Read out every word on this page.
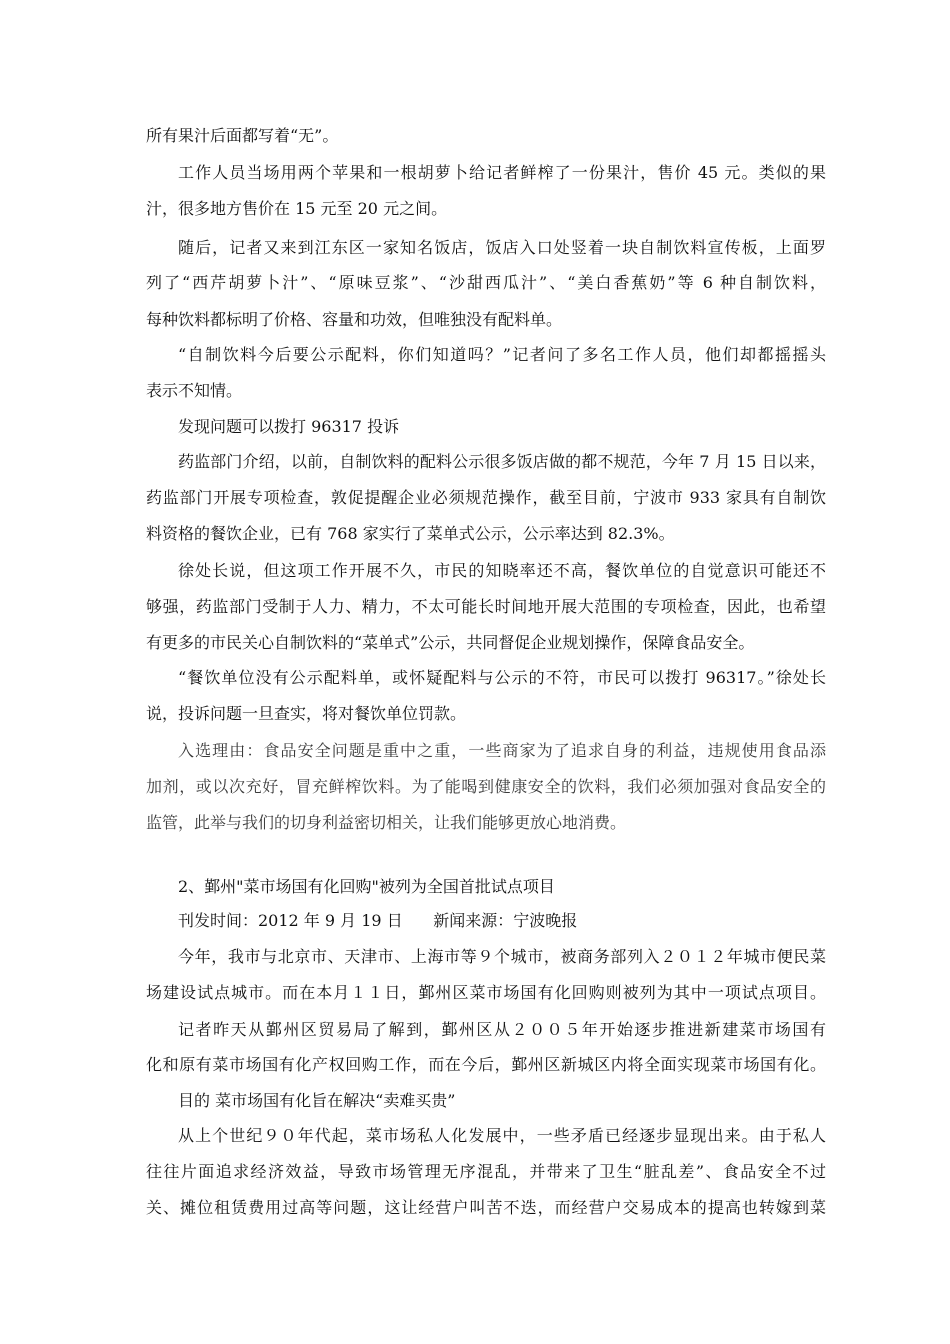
所有果汁后面都写着“无”。
工作人员当场用两个苹果和一根胡萝卜给记者鲜榨了一份果汁，售价 45 元。类似的果
汁，很多地方售价在 15 元至 20 元之间。
随后，记者又来到江东区一家知名饭店，饭店入口处竖着一块自制饮料宣传板，上面罗
列了“西芹胡萝卜汁”、“原味豆浆”、“沙甜西瓜汁”、“美白香蕉奶”等 6 种自制饮料，
每种饮料都标明了价格、容量和功效，但唯独没有配料单。
“自制饮料今后要公示配料，你们知道吗？”记者问了多名工作人员，他们却都摇摇头
表示不知情。
发现问题可以拨打 96317 投诉
药监部门介绍，以前，自制饮料的配料公示很多饭店做的都不规范，今年 7 月 15 日以来，
药监部门开展专项检查，敦促提醒企业必须规范操作，截至目前，宁波市 933 家具有自制饮
料资格的餐饮企业，已有 768 家实行了菜单式公示，公示率达到 82.3%。
徐处长说，但这项工作开展不久，市民的知晓率还不高，餐饮单位的自觉意识可能还不
够强，药监部门受制于人力、精力，不太可能长时间地开展大范围的专项检查，因此，也希望
有更多的市民关心自制饮料的“菜单式”公示，共同督促企业规划操作，保障食品安全。
“餐饮单位没有公示配料单，或怀疑配料与公示的不符，市民可以拨打 96317。”徐处长
说，投诉问题一旦查实，将对餐饮单位罚款。
入选理由：食品安全问题是重中之重，一些商家为了追求自身的利益，违规使用食品添
加剂，或以次充好，冒充鲜榨饮料。为了能喝到健康安全的饮料，我们必须加强对食品安全的
监管，此举与我们的切身利益密切相关，让我们能够更放心地消费。
2、鄞州"菜市场国有化回购"被列为全国首批试点项目
刊发时间：2012 年 9 月 19 日      新闻来源：宁波晚报
今年，我市与北京市、天津市、上海市等９个城市，被商务部列入２０１２年城市便民菜
场建设试点城市。而在本月１１日，鄞州区菜市场国有化回购则被列为其中一项试点项目。
记者昨天从鄞州区贸易局了解到，鄞州区从２００５年开始逐步推进新建菜市场国有
化和原有菜市场国有化产权回购工作，而在今后，鄞州区新城区内将全面实现菜市场国有化。
目的 菜市场国有化旨在解决“卖难买贵”
从上个世纪９０年代起，菜市场私人化发展中，一些矛盾已经逐步显现出来。由于私人
往往片面追求经济效益，导致市场管理无序混乱，并带来了卫生“脏乱差”、食品安全不过
关、摊位租赁费用过高等问题，这让经营户叫苦不迭，而经营户交易成本的提高也转嫁到菜
